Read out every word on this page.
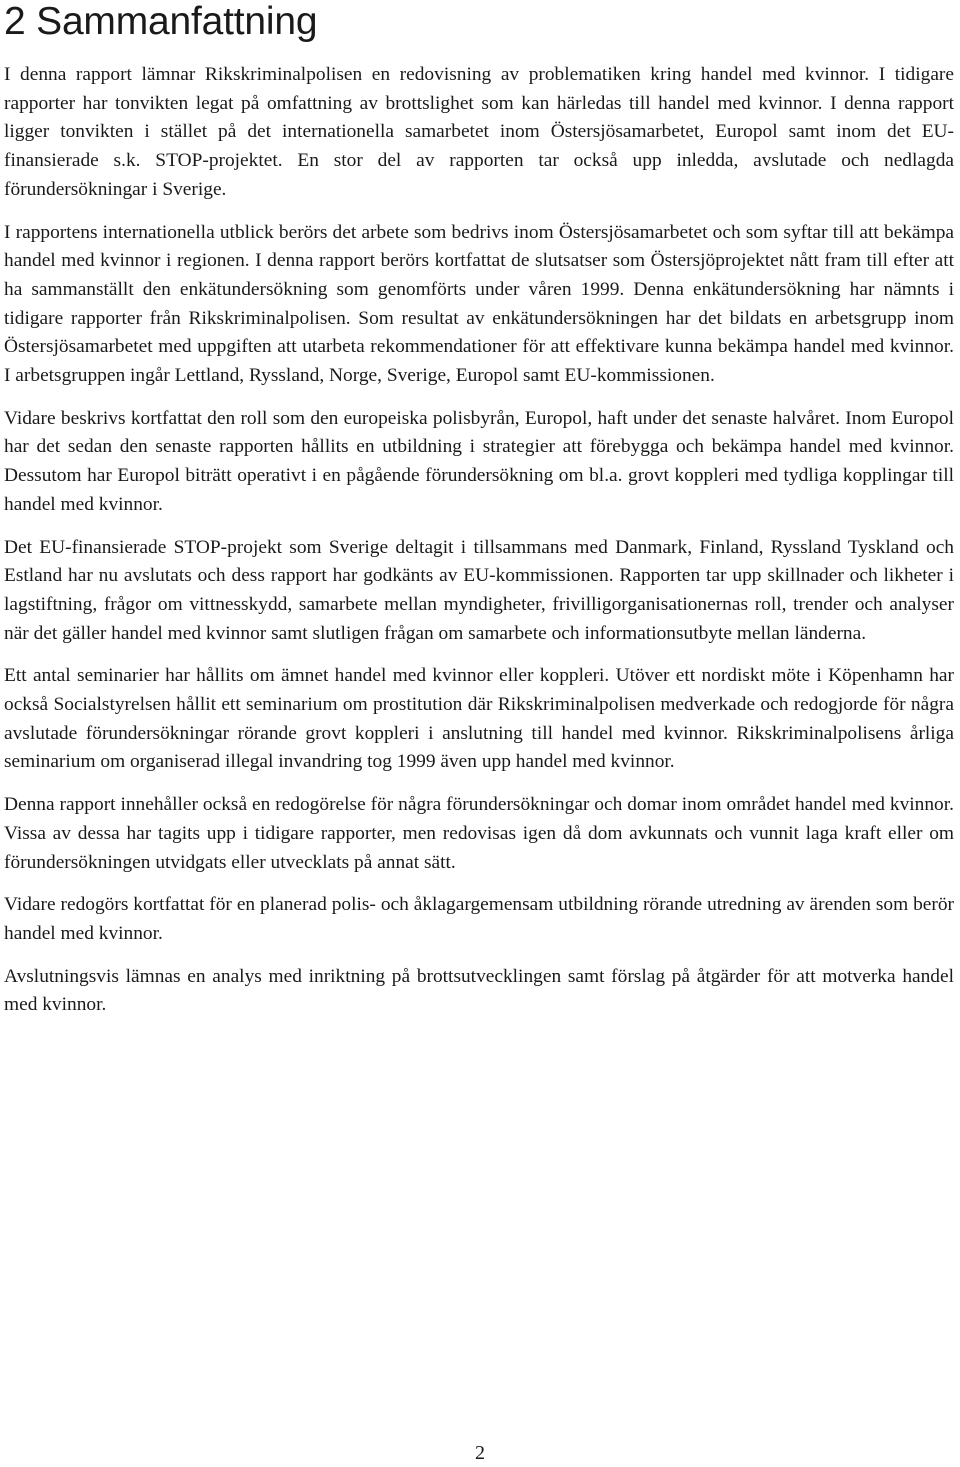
2 Sammanfattning

I denna rapport lämnar Rikskriminalpolisen en redovisning av problematiken kring handel med kvinnor. I tidigare rapporter har tonvikten legat på omfattning av brottslighet som kan härledas till handel med kvinnor. I denna rapport ligger tonvikten i stället på det internationella samarbetet inom Östersjösamarbetet, Europol samt inom det EU-finansierade s.k. STOP-projektet. En stor del av rapporten tar också upp inledda, avslutade och nedlagda förundersökningar i Sverige.

I rapportens internationella utblick berörs det arbete som bedrivs inom Östersjösamarbetet och som syftar till att bekämpa handel med kvinnor i regionen. I denna rapport berörs kortfattat de slutsatser som Östersjöprojektet nått fram till efter att ha sammanställt den enkätundersökning som genomförts under våren 1999. Denna enkätundersökning har nämnts i tidigare rapporter från Rikskriminalpolisen. Som resultat av enkätundersökningen har det bildats en arbetsgrupp inom Östersjösamarbetet med uppgiften att utarbeta rekommendationer för att effektivare kunna bekämpa handel med kvinnor. I arbetsgruppen ingår Lettland, Ryssland, Norge, Sverige, Europol samt EU-kommissionen.

Vidare beskrivs kortfattat den roll som den europeiska polisbyrån, Europol, haft under det senaste halvåret. Inom Europol har det sedan den senaste rapporten hållits en utbildning i strategier att förebygga och bekämpa handel med kvinnor. Dessutom har Europol biträtt operativt i en pågående förundersökning om bl.a. grovt koppleri med tydliga kopplingar till handel med kvinnor.

Det EU-finansierade STOP-projekt som Sverige deltagit i tillsammans med Danmark, Finland, Ryssland Tyskland och Estland har nu avslutats och dess rapport har godkänts av EU-kommissionen. Rapporten tar upp skillnader och likheter i lagstiftning, frågor om vittnesskydd, samarbete mellan myndigheter, frivilligorganisationernas roll, trender och analyser när det gäller handel med kvinnor samt slutligen frågan om samarbete och informationsutbyte mellan länderna.

Ett antal seminarier har hållits om ämnet handel med kvinnor eller koppleri. Utöver ett nordiskt möte i Köpenhamn har också Socialstyrelsen hållit ett seminarium om prostitution där Rikskriminalpolisen medverkade och redogjorde för några avslutade förundersökningar rörande grovt koppleri i anslutning till handel med kvinnor. Rikskriminalpolisens årliga seminarium om organiserad illegal invandring tog 1999 även upp handel med kvinnor.

Denna rapport innehåller också en redogörelse för några förundersökningar och domar inom området handel med kvinnor. Vissa av dessa har tagits upp i tidigare rapporter, men redovisas igen då dom avkunnats och vunnit laga kraft eller om förundersökningen utvidgats eller utvecklats på annat sätt.

Vidare redogörs kortfattat för en planerad polis- och åklagargemensam utbildning rörande utredning av ärenden som berör handel med kvinnor.

Avslutningsvis lämnas en analys med inriktning på brottsutvecklingen samt förslag på åtgärder för att motverka handel med kvinnor.

2
